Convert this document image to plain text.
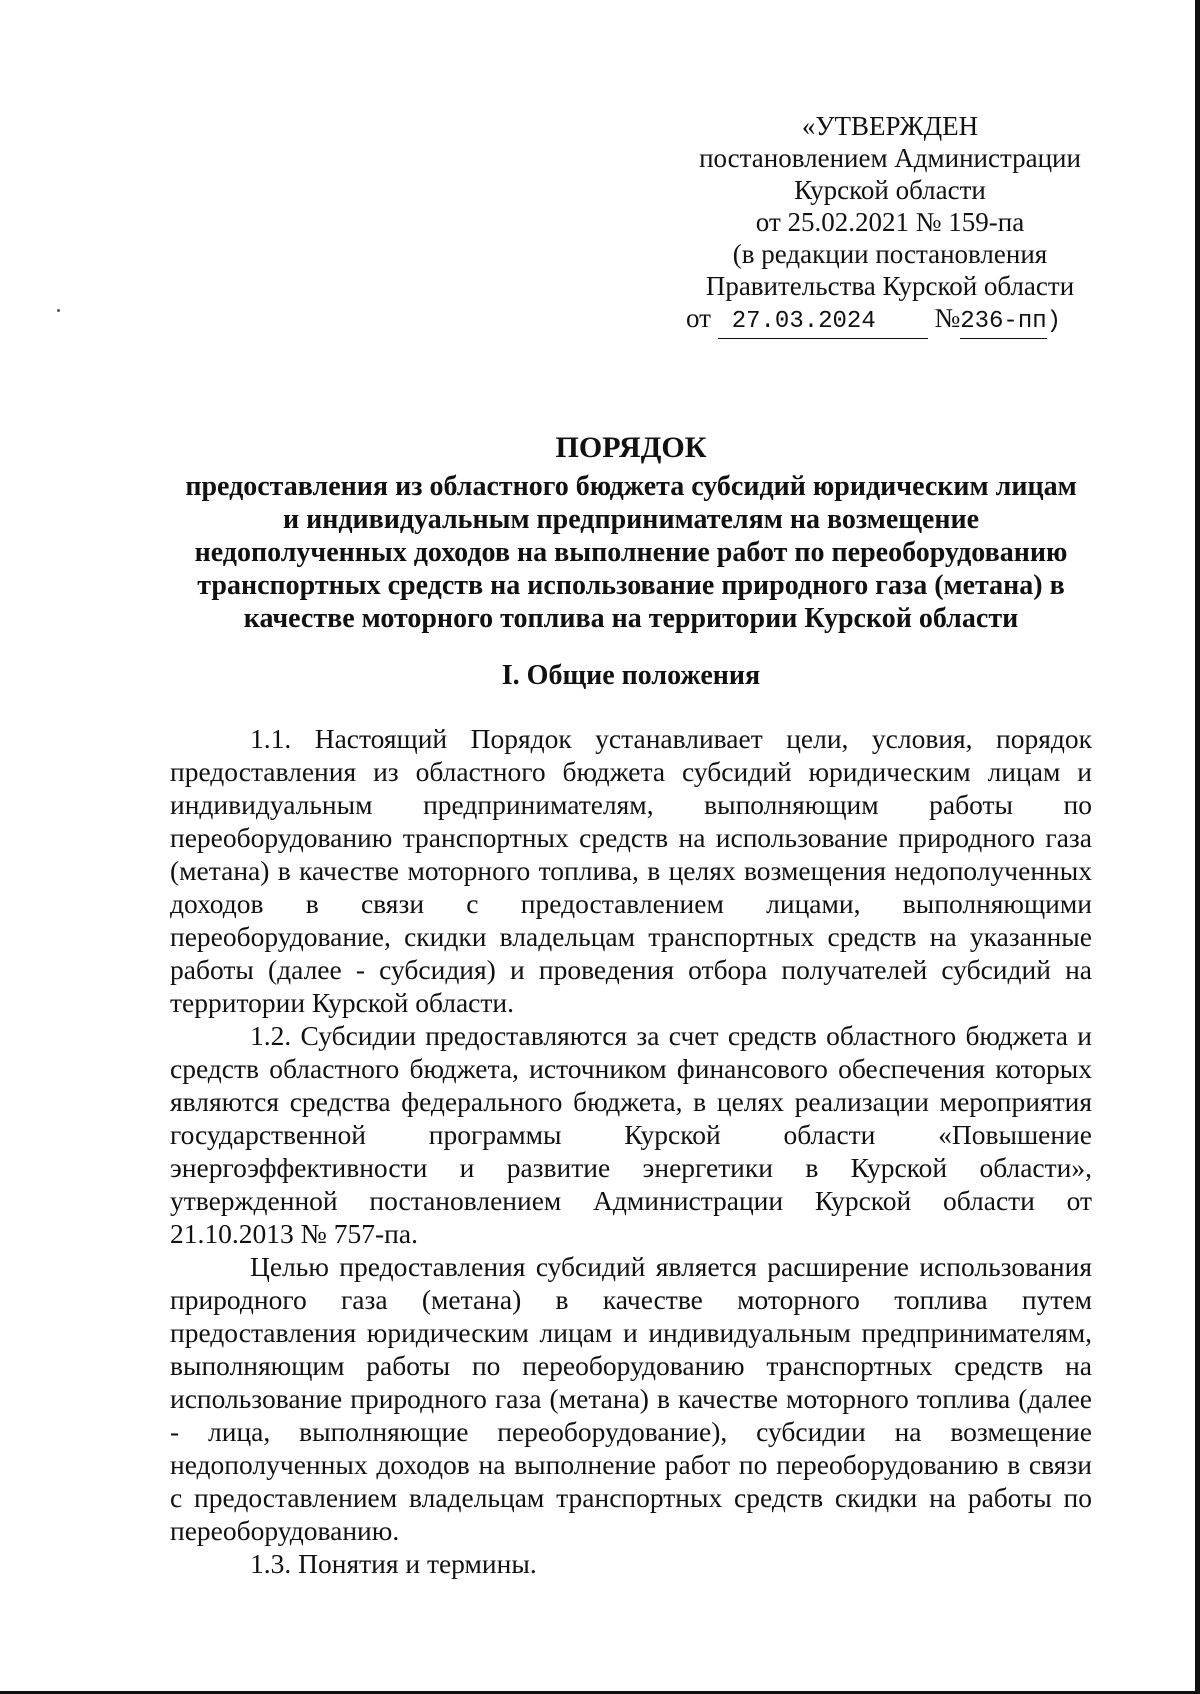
«УТВЕРЖДЕН
постановлением Администрации
Курской области
от 25.02.2021 № 159-па
(в редакции постановления
Правительства Курской области
от 27.03.2024 №236-пп)
ПОРЯДОК
предоставления из областного бюджета субсидий юридическим лицам
и индивидуальным предпринимателям на возмещение
недополученных доходов на выполнение работ по переоборудованию
транспортных средств на использование природного газа (метана) в
качестве моторного топлива на территории Курской области
I. Общие положения

1.1. Настоящий Порядок устанавливает цели, условия, порядок предоставления из областного бюджета субсидий юридическим лицам и индивидуальным предпринимателям, выполняющим работы по переоборудованию транспортных средств на использование природного газа (метана) в качестве моторного топлива, в целях возмещения недополученных доходов в связи с предоставлением лицами, выполняющими переоборудование, скидки владельцам транспортных средств на указанные работы (далее - субсидия) и проведения отбора получателей субсидий на территории Курской области.

1.2. Субсидии предоставляются за счет средств областного бюджета и средств областного бюджета, источником финансового обеспечения которых являются средства федерального бюджета, в целях реализации мероприятия государственной программы Курской области «Повышение энергоэффективности и развитие энергетики в Курской области», утвержденной постановлением Администрации Курской области от 21.10.2013 № 757-па.

Целью предоставления субсидий является расширение использования природного газа (метана) в качестве моторного топлива путем предоставления юридическим лицам и индивидуальным предпринимателям, выполняющим работы по переоборудованию транспортных средств на использование природного газа (метана) в качестве моторного топлива (далее - лица, выполняющие переоборудование), субсидии на возмещение недополученных доходов на выполнение работ по переоборудованию в связи с предоставлением владельцам транспортных средств скидки на работы по переоборудованию.

1.3. Понятия и термины.
